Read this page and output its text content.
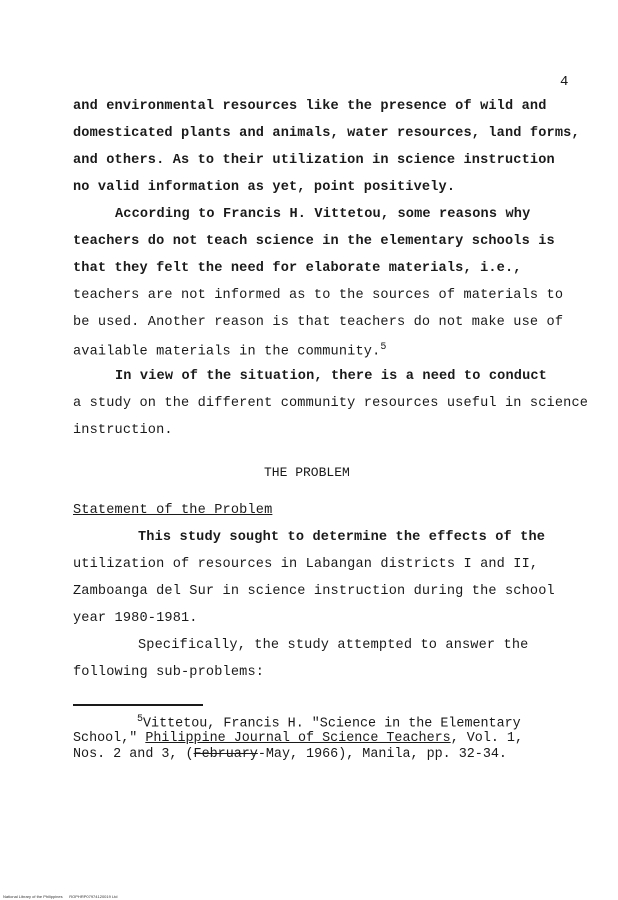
4
and environmental resources like the presence of wild and
domesticated plants and animals, water resources, land forms,
and others. As to their utilization in science instruction
no valid information as yet, point positively.
According to Francis H. Vittetou, some reasons why
teachers do not teach science in the elementary schools is
that they felt the need for elaborate materials, i.e.,
teachers are not informed as to the sources of materials to
be used. Another reason is that teachers do not make use of
available materials in the community.$^5$
In view of the situation, there is a need to conduct
a study on the different community resources useful in science
instruction.
THE PROBLEM
Statement of the Problem
This study sought to determine the effects of the
utilization of resources in Labangan districts I and II,
Zamboanga del Sur in science instruction during the school
year 1980-1981.
Specifically, the study attempted to answer the
following sub-problems:
$^5$Vittetou, Francis H. "Science in the Elementary
School," Philippine Journal of Science Teachers, Vol. 1,
Nos. 2 and 3, (February-May, 1966), Manila, pp. 32-34.
National Library of the Philippines      ROPHRP07974120019 Ltd
